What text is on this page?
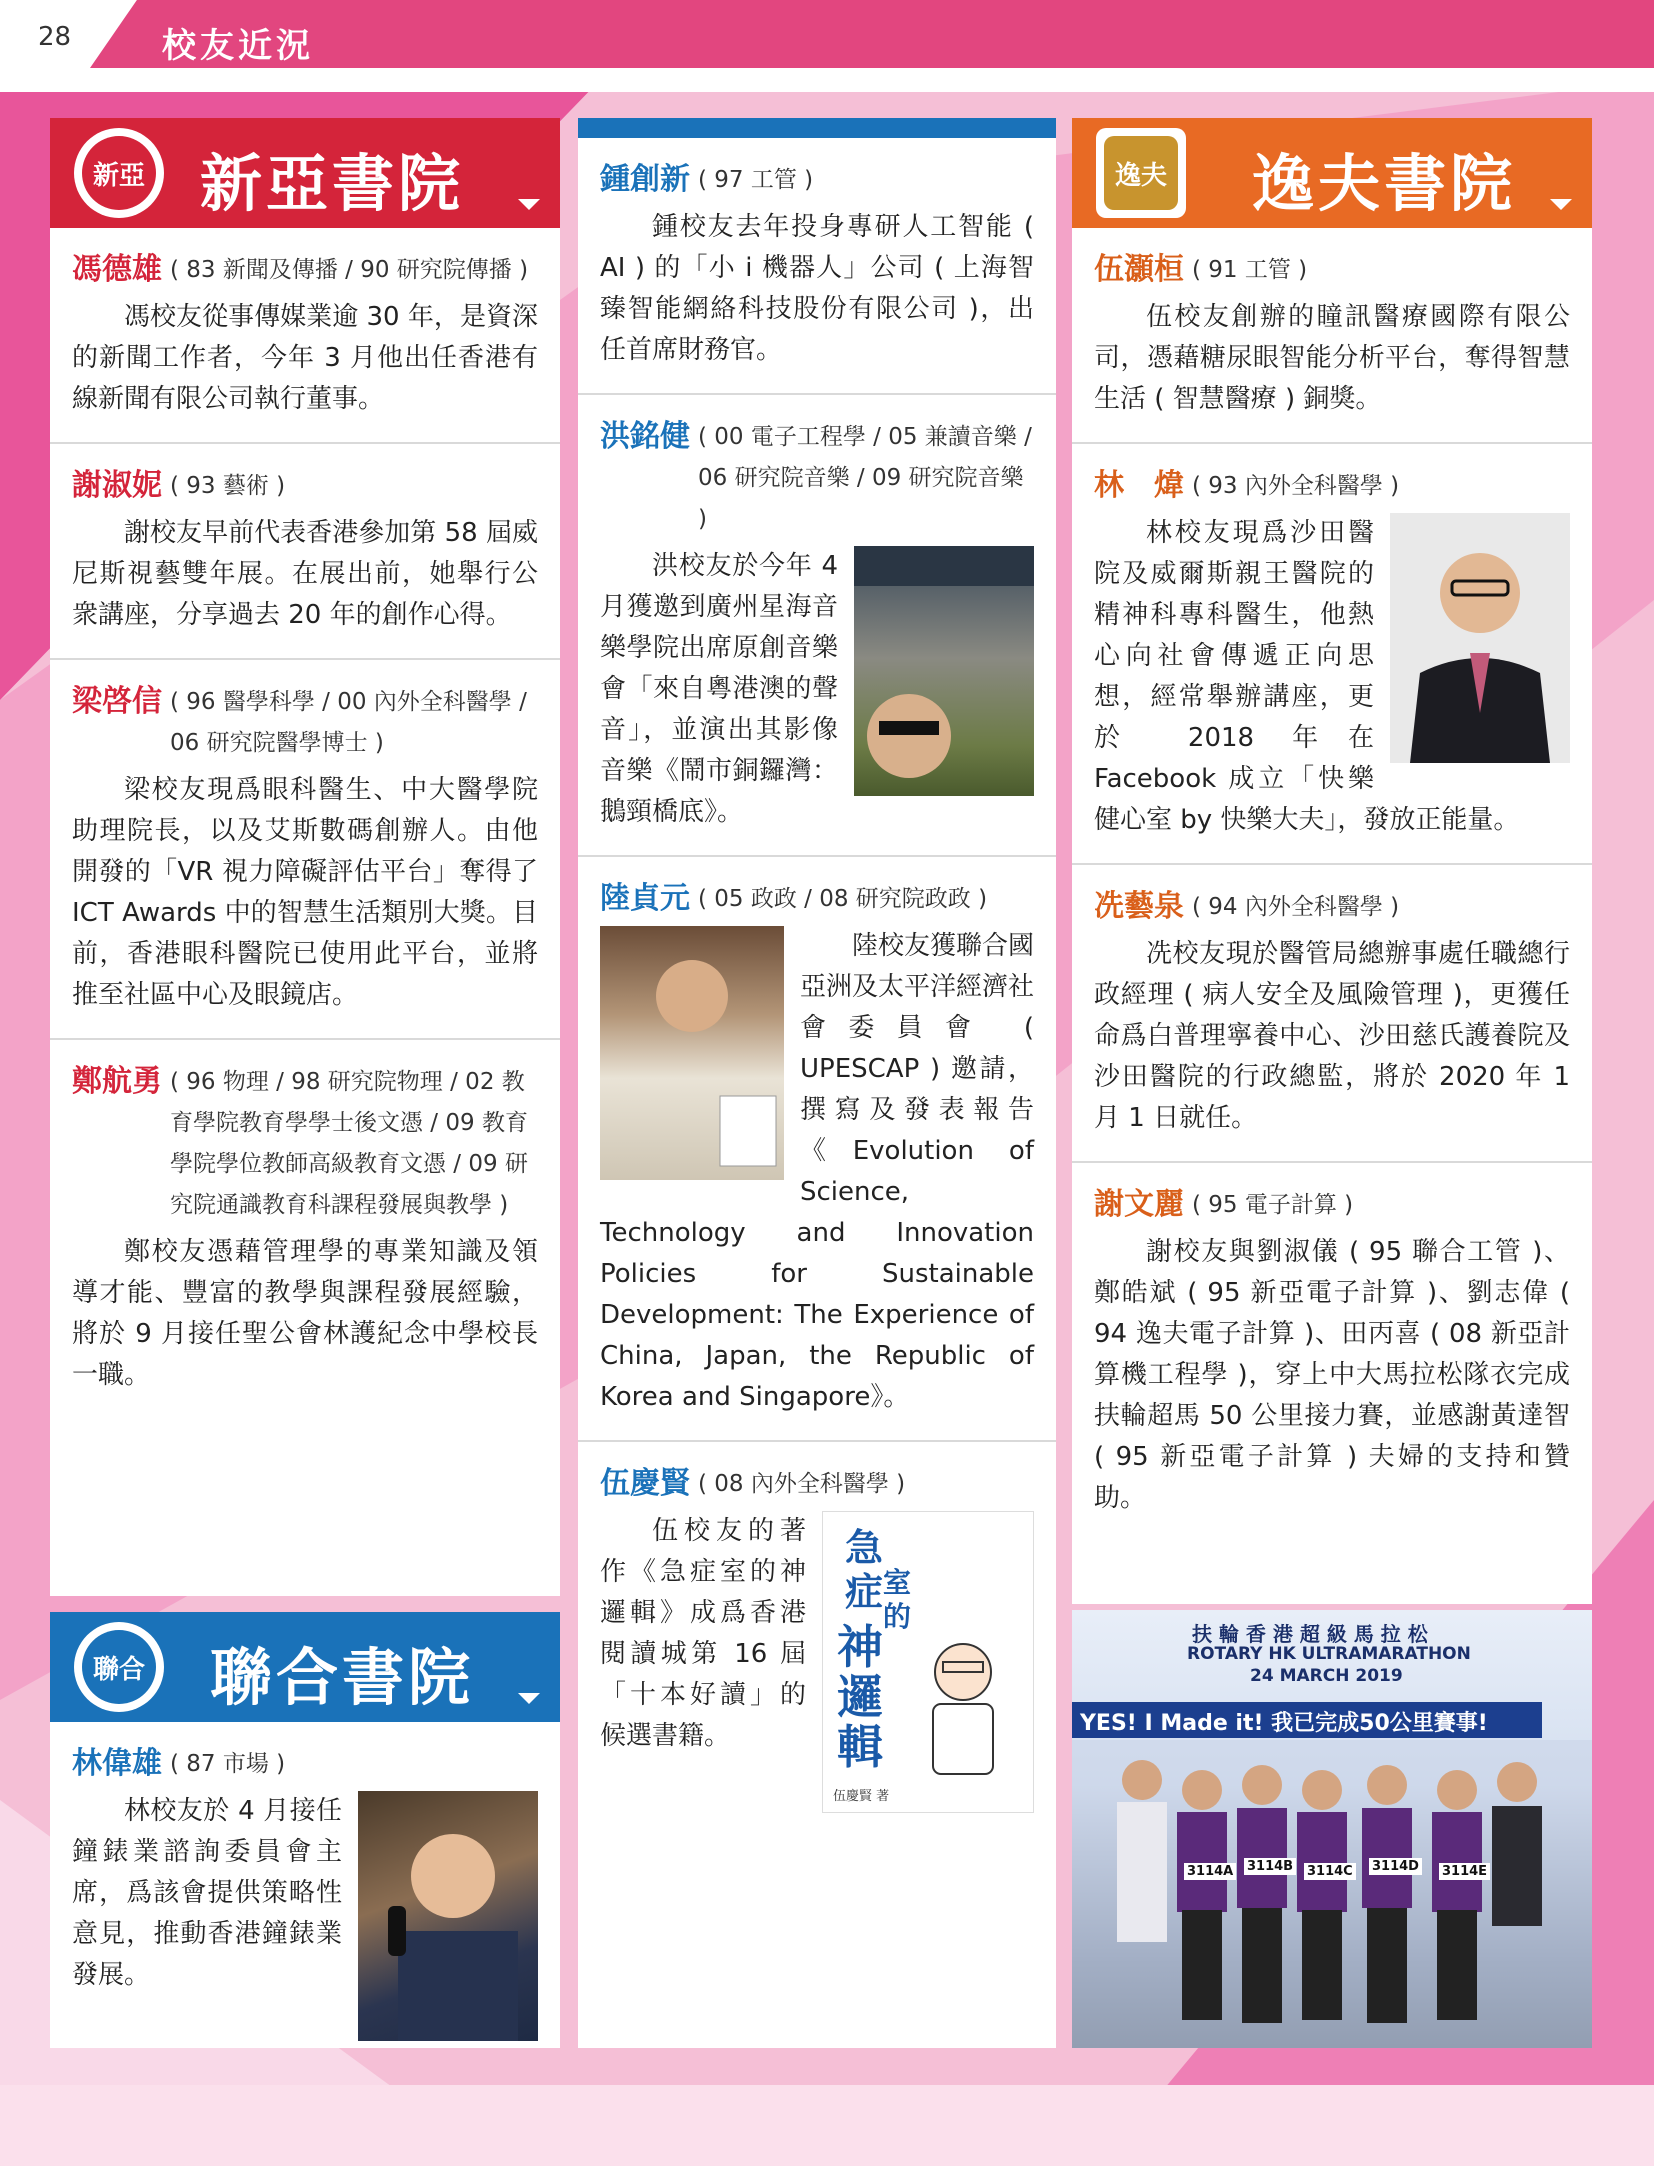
28	校友近況
新亞 新亞書院
馮德雄 ( 83 新聞及傳播 / 90 研究院傳播 )
馮校友從事傳媒業逾 30 年，是資深的新聞工作者，今年 3 月他出任香港有線新聞有限公司執行董事。
謝淑妮 ( 93 藝術 )
謝校友早前代表香港參加第 58 屆威尼斯視藝雙年展。在展出前，她舉行公衆講座，分享過去 20 年的創作心得。
梁啓信 ( 96 醫學科學 / 00 內外全科醫學 / 06 研究院醫學博士 )
梁校友現爲眼科醫生、中大醫學院助理院長，以及艾斯數碼創辦人。由他開發的「VR 視力障礙評估平台」奪得了 ICT Awards 中的智慧生活類別大獎。目前，香港眼科醫院已使用此平台，並將推至社區中心及眼鏡店。
鄭航勇 ( 96 物理 / 98 研究院物理 / 02 教育學院教育學學士後文憑 / 09 教育學院學位教師高級教育文憑 / 09 研究院通識教育科課程發展與教學 )
鄭校友憑藉管理學的專業知識及領導才能、豐富的教學與課程發展經驗，將於 9 月接任聖公會林護紀念中學校長一職。
聯合 聯合書院
林偉雄 ( 87 市場 )
林校友於 4 月接任鐘錶業諮詢委員會主席，爲該會提供策略性意見，推動香港鐘錶業發展。
鍾創新 ( 97 工管 )
鍾校友去年投身專研人工智能 ( AI ) 的「小 i 機器人」公司 ( 上海智臻智能網絡科技股份有限公司 )，出任首席財務官。
洪銘健 ( 00 電子工程學 / 05 兼讀音樂 / 06 研究院音樂 / 09 研究院音樂 )
洪校友於今年 4 月獲邀到廣州星海音樂學院出席原創音樂會「來自粵港澳的聲音」，並演出其影像音樂《鬧市銅鑼灣：鵝頸橋底》。
陸貞元 ( 05 政政 / 08 研究院政政 )
陸校友獲聯合國亞洲及太平洋經濟社會委員會 ( UPESCAP ) 邀請，撰寫及發表報告《Evolution of Science, Technology and Innovation Policies for Sustainable Development: The Experience of China, Japan, the Republic of Korea and Singapore》。
伍慶賢 ( 08 內外全科醫學 )
急症 室的
神邏輯
伍慶賢 著
伍校友的著作《急症室的神邏輯》成爲香港閱讀城第 16 屆「十本好讀」的候選書籍。
逸夫 逸夫書院
伍灝桓 ( 91 工管 )
伍校友創辦的瞳訊醫療國際有限公司，憑藉糖尿眼智能分析平台，奪得智慧生活 ( 智慧醫療 ) 銅獎。
林　煒 ( 93 內外全科醫學 )
林校友現爲沙田醫院及威爾斯親王醫院的精神科專科醫生，他熱心向社會傳遞正向思想，經常舉辦講座，更於 2018 年在 Facebook 成立「快樂健心室 by 快樂大夫」，發放正能量。
冼藝泉 ( 94 內外全科醫學 )
冼校友現於醫管局總辦事處任職總行政經理 ( 病人安全及風險管理 )，更獲任命爲白普理寧養中心、沙田慈氏護養院及沙田醫院的行政總監，將於 2020 年 1 月 1 日就任。
謝文麗 ( 95 電子計算 )
謝校友與劉淑儀 ( 95 聯合工管 )、鄭皓斌 ( 95 新亞電子計算 )、劉志偉 ( 94 逸夫電子計算 )、田丙喜 ( 08 新亞計算機工程學 )，穿上中大馬拉松隊衣完成扶輪超馬 50 公里接力賽，並感謝黃達智 ( 95 新亞電子計算 ) 夫婦的支持和贊助。
扶 輪 香 港 超 級 馬 拉 松
ROTARY HK ULTRAMARATHON
24 MARCH 2019
YES! I Made it! 我已完成50公里賽事!
3114A 3114B 3114C 3114D 3114E
